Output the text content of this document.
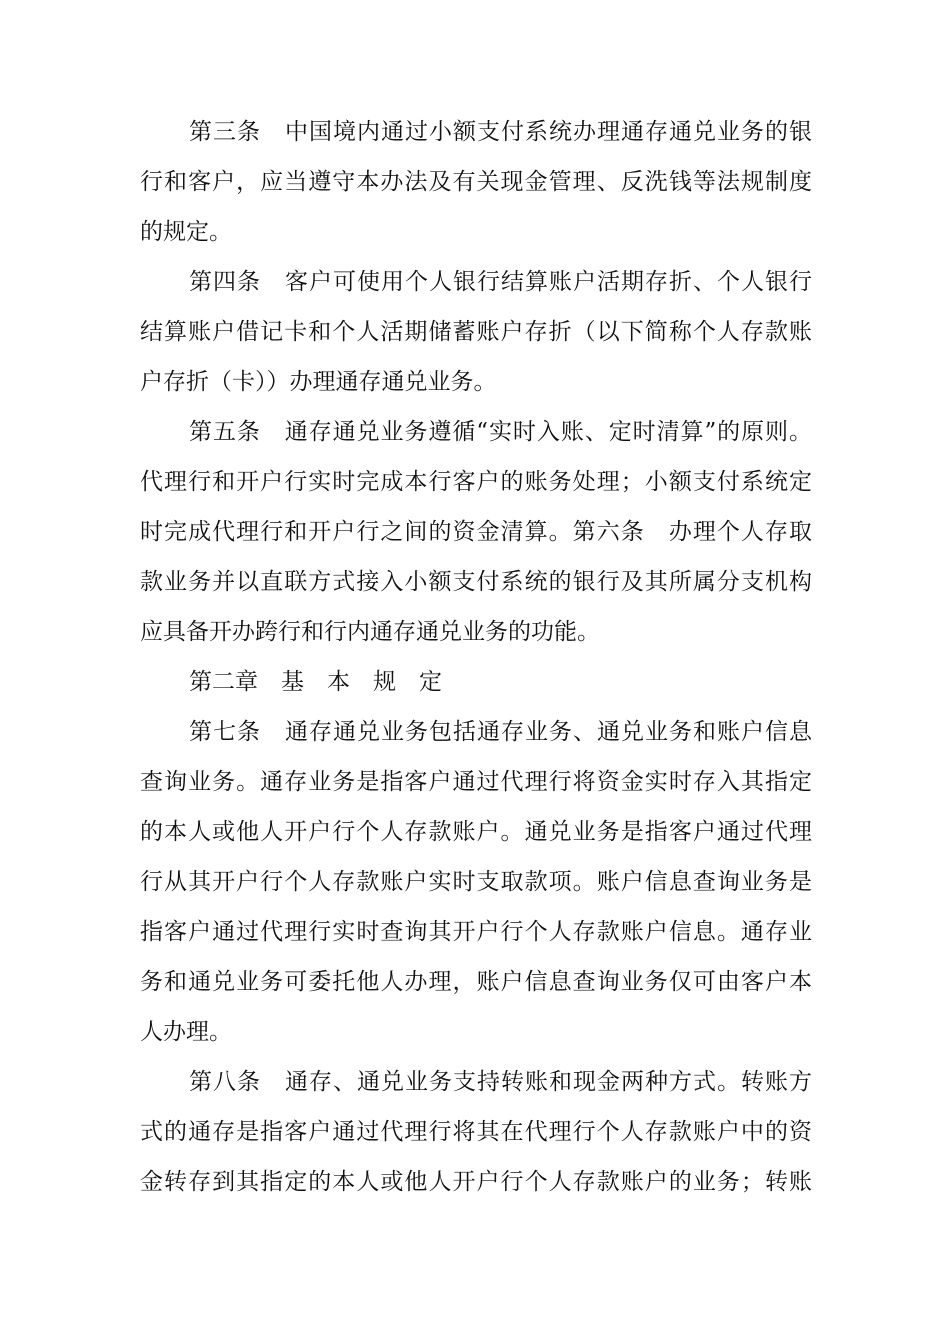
第三条　中国境内通过小额支付系统办理通存通兑业务的银
行和客户，应当遵守本办法及有关现金管理、反洗钱等法规制度
的规定。
第四条　客户可使用个人银行结算账户活期存折、个人银行
结算账户借记卡和个人活期储蓄账户存折（以下简称个人存款账
户存折（卡））办理通存通兑业务。
第五条　通存通兑业务遵循“实时入账、定时清算”的原则。
代理行和开户行实时完成本行客户的账务处理；小额支付系统定
时完成代理行和开户行之间的资金清算。第六条　办理个人存取
款业务并以直联方式接入小额支付系统的银行及其所属分支机构
应具备开办跨行和行内通存通兑业务的功能。
第二章　基　本　规　定
第七条　通存通兑业务包括通存业务、通兑业务和账户信息
查询业务。通存业务是指客户通过代理行将资金实时存入其指定
的本人或他人开户行个人存款账户。通兑业务是指客户通过代理
行从其开户行个人存款账户实时支取款项。账户信息查询业务是
指客户通过代理行实时查询其开户行个人存款账户信息。通存业
务和通兑业务可委托他人办理，账户信息查询业务仅可由客户本
人办理。
第八条　通存、通兑业务支持转账和现金两种方式。转账方
式的通存是指客户通过代理行将其在代理行个人存款账户中的资
金转存到其指定的本人或他人开户行个人存款账户的业务；转账
